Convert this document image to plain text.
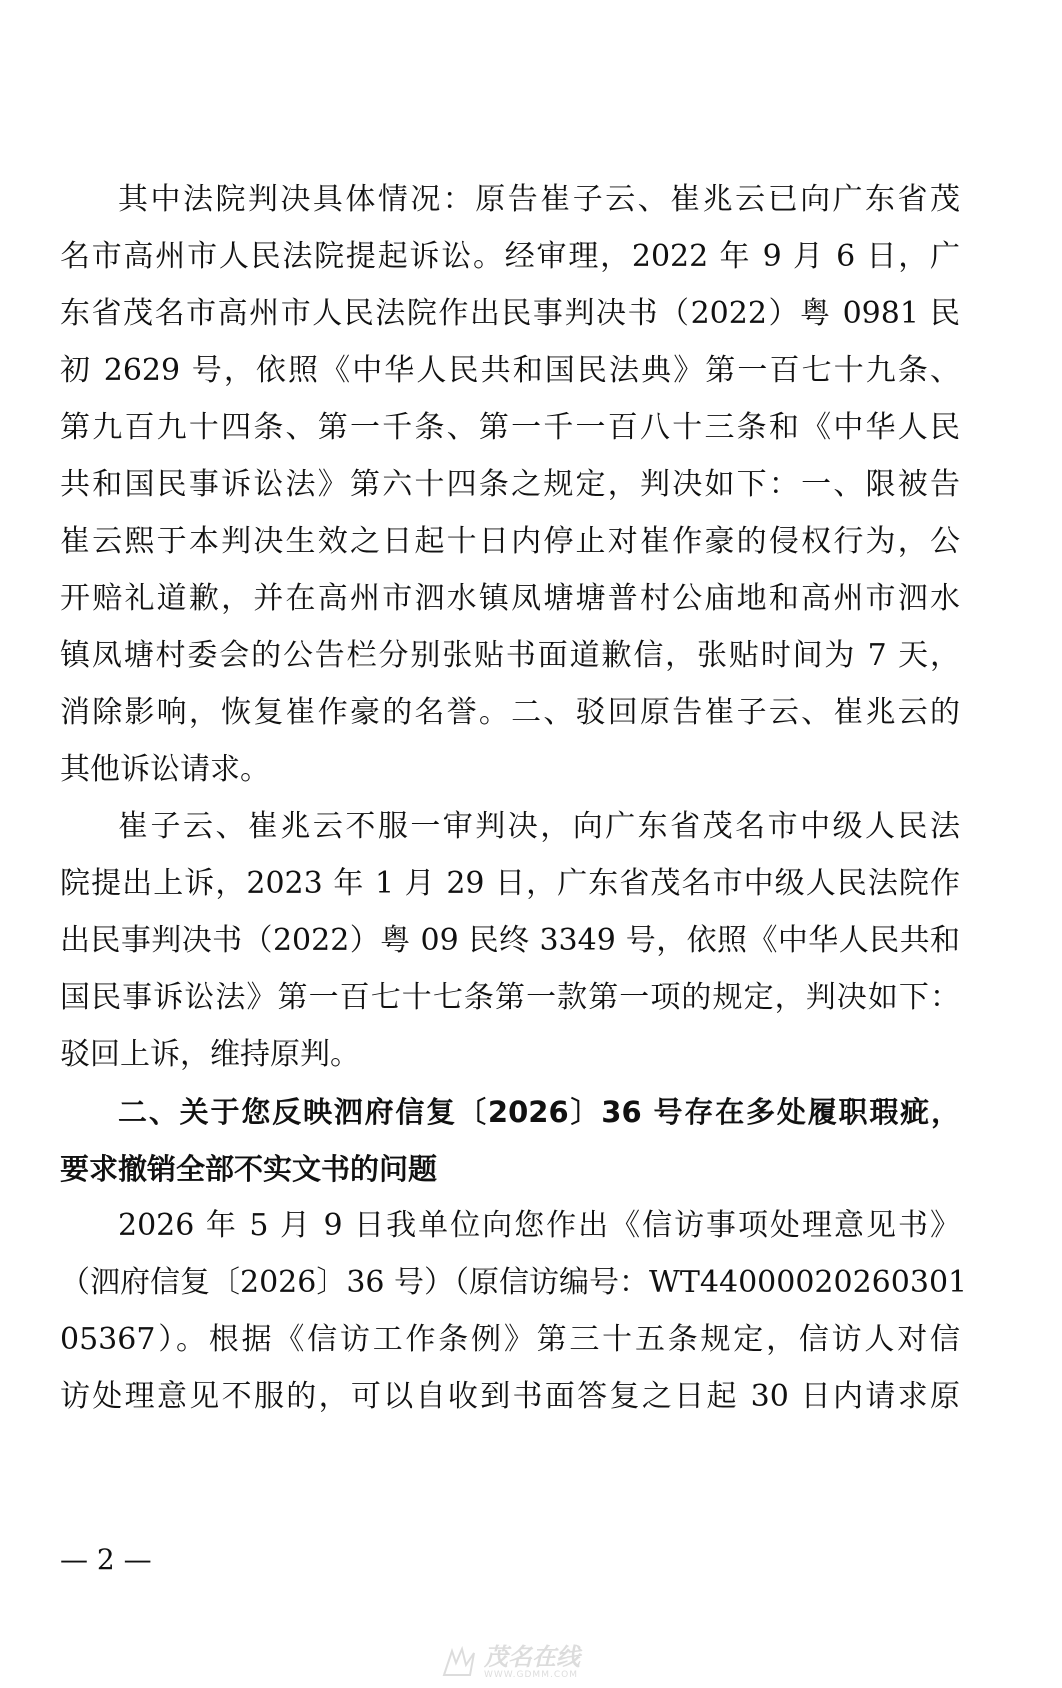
其中法院判决具体情况：原告崔子云、崔兆云已向广东省茂
名市高州市人民法院提起诉讼。经审理，2022 年 9 月 6 日，广
东省茂名市高州市人民法院作出民事判决书（2022）粤 0981 民
初 2629 号，依照《中华人民共和国民法典》第一百七十九条、
第九百九十四条、第一千条、第一千一百八十三条和《中华人民
共和国民事诉讼法》第六十四条之规定，判决如下：一、限被告
崔云熙于本判决生效之日起十日内停止对崔作豪的侵权行为，公
开赔礼道歉，并在高州市泗水镇凤塘塘普村公庙地和高州市泗水
镇凤塘村委会的公告栏分别张贴书面道歉信，张贴时间为 7 天，
消除影响，恢复崔作豪的名誉。二、驳回原告崔子云、崔兆云的
其他诉讼请求。
崔子云、崔兆云不服一审判决，向广东省茂名市中级人民法
院提出上诉，2023 年 1 月 29 日，广东省茂名市中级人民法院作
出民事判决书（2022）粤 09 民终 3349 号，依照《中华人民共和
国民事诉讼法》第一百七十七条第一款第一项的规定，判决如下：
驳回上诉，维持原判。
二、关于您反映泗府信复〔2026〕36 号存在多处履职瑕疵，
要求撤销全部不实文书的问题
2026 年 5 月 9 日我单位向您作出《信访事项处理意见书》
（泗府信复〔2026〕36 号）（原信访编号：WT44000020260301
05367）。根据《信访工作条例》第三十五条规定，信访人对信
访处理意见不服的，可以自收到书面答复之日起 30 日内请求原
— 2 —
茂名在线
WWW.GDMM.COM
